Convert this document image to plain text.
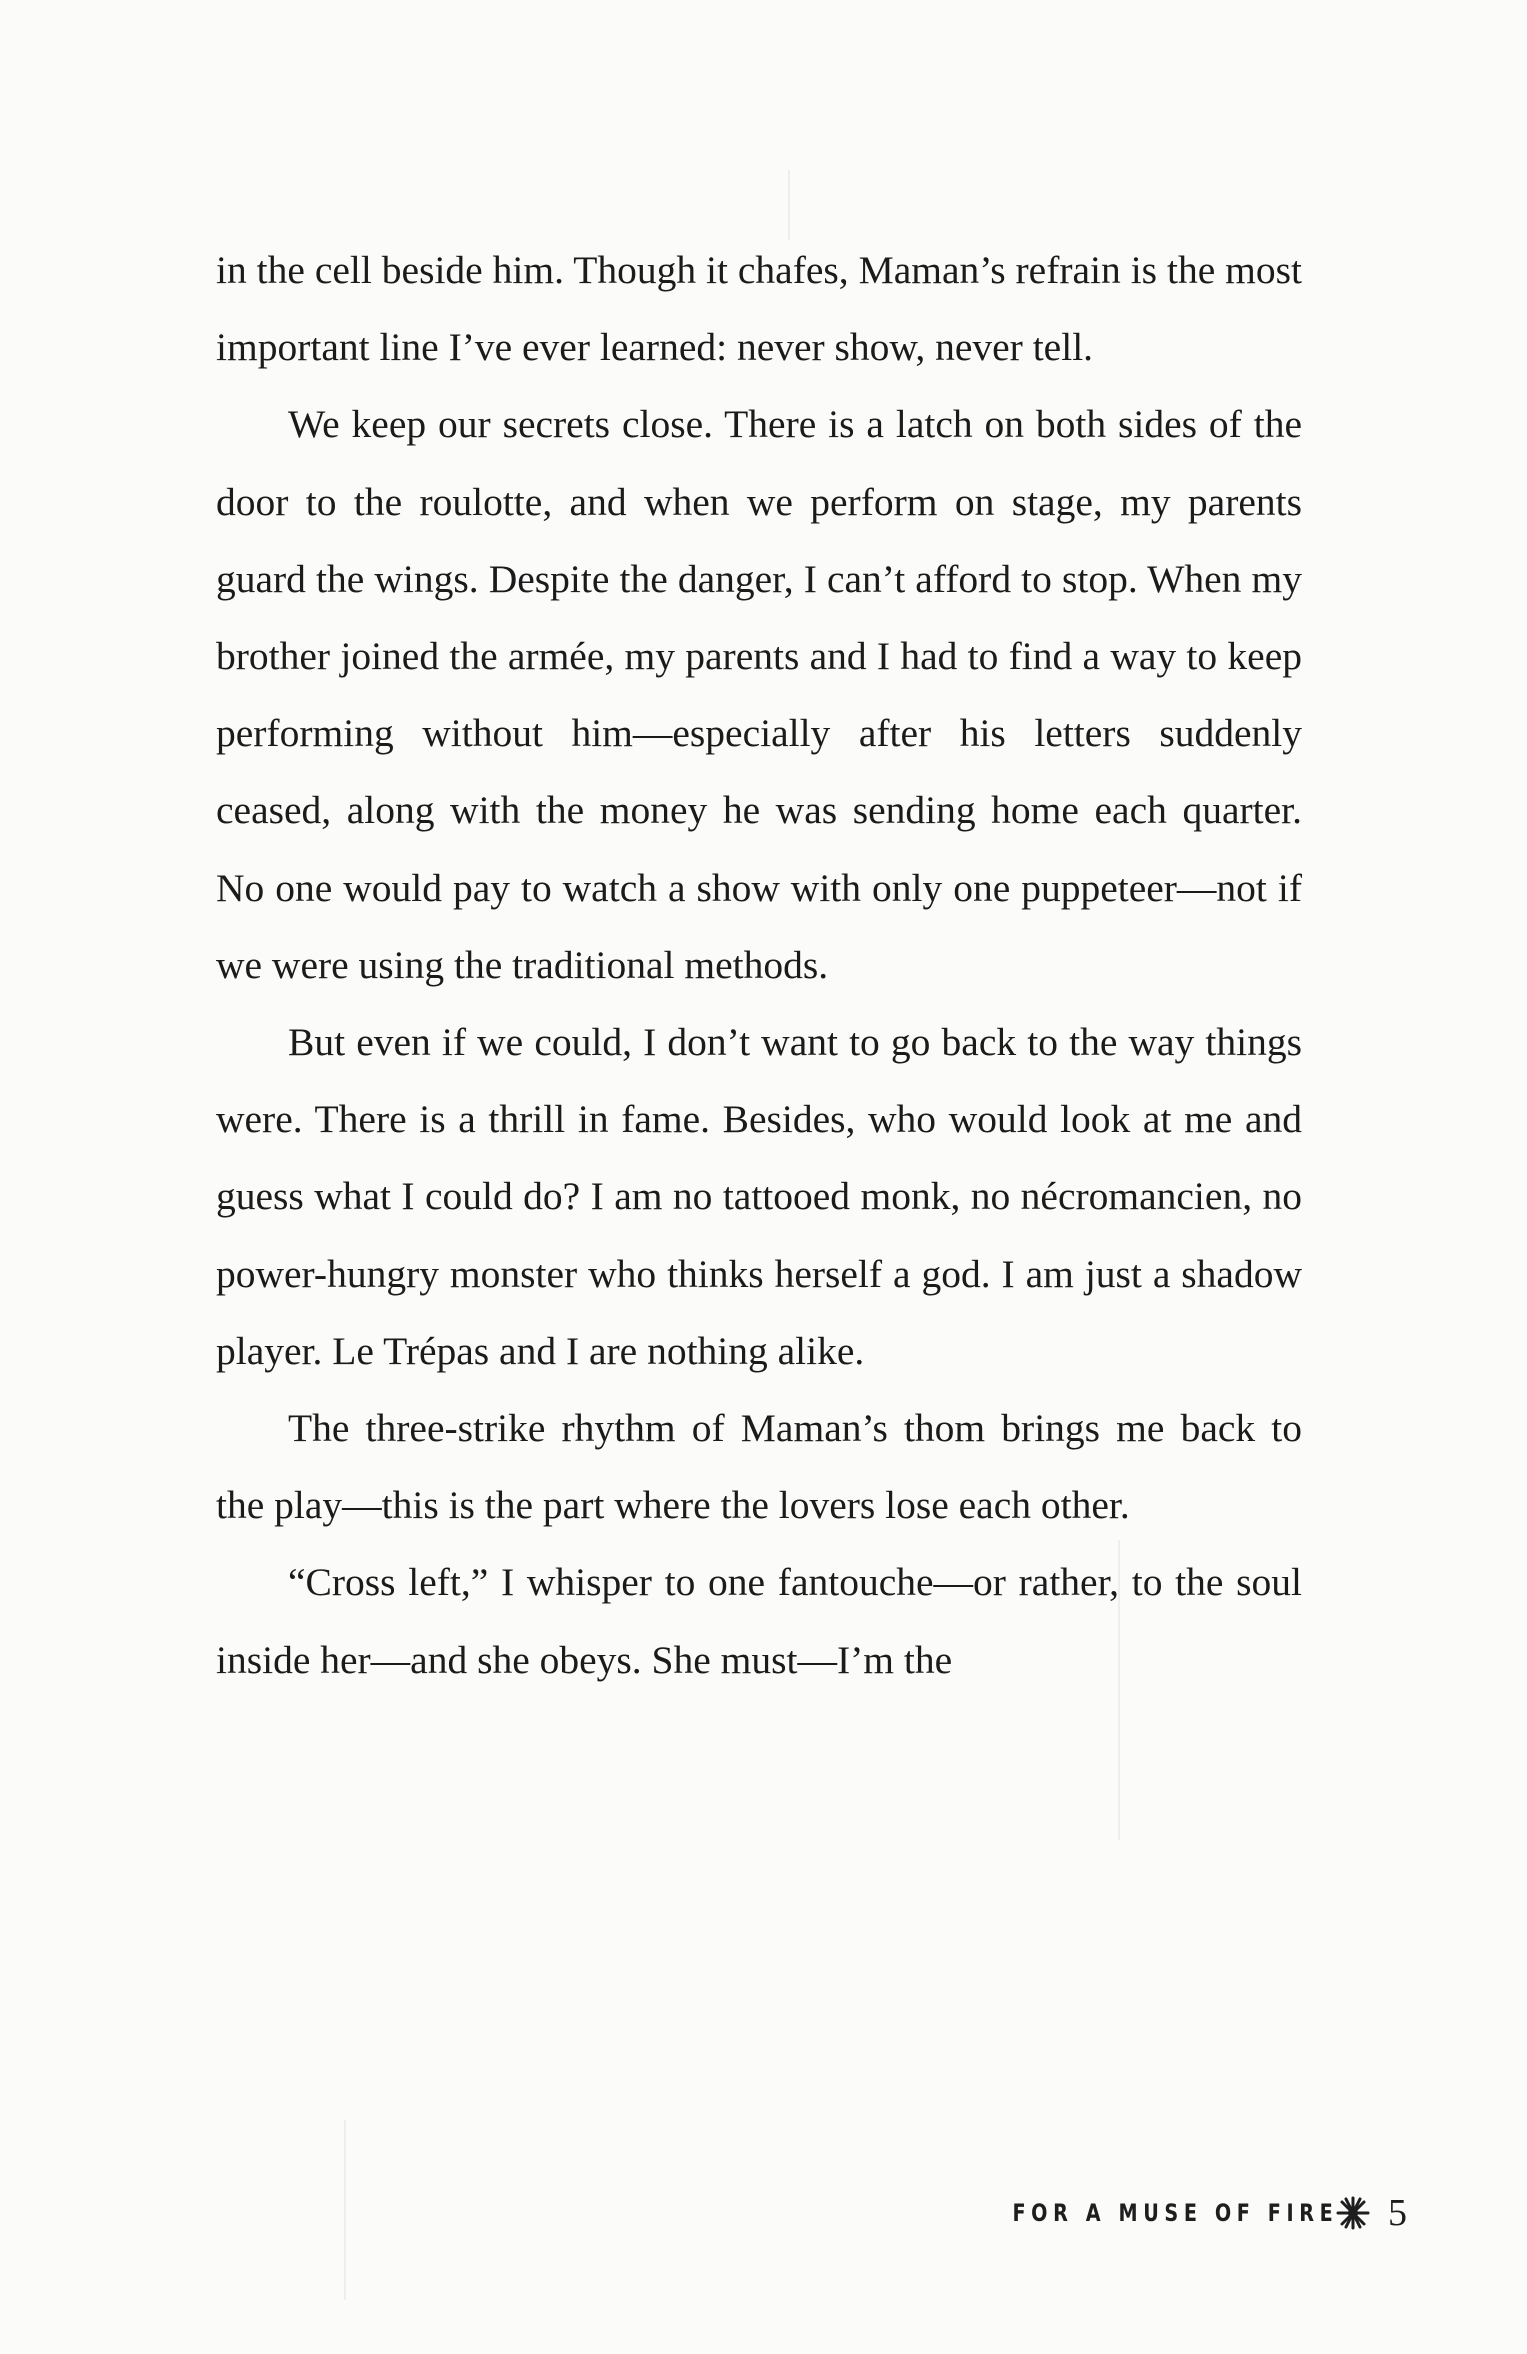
in the cell beside him. Though it chafes, Maman’s refrain is the most important line I’ve ever learned: never show, never tell.

We keep our secrets close. There is a latch on both sides of the door to the roulotte, and when we perform on stage, my parents guard the wings. Despite the danger, I can’t afford to stop. When my brother joined the armée, my parents and I had to find a way to keep performing without him—especially after his letters suddenly ceased, along with the money he was sending home each quarter. No one would pay to watch a show with only one puppeteer—not if we were using the traditional methods.

But even if we could, I don’t want to go back to the way things were. There is a thrill in fame. Besides, who would look at me and guess what I could do? I am no tattooed monk, no nécromancien, no power-hungry monster who thinks herself a god. I am just a shadow player. Le Trépas and I are nothing alike.

The three-strike rhythm of Maman’s thom brings me back to the play—this is the part where the lovers lose each other.

“Cross left,” I whisper to one fantouche—or rather, to the soul inside her—and she obeys. She must—I’m the

FOR A MUSE OF FIRE 5
